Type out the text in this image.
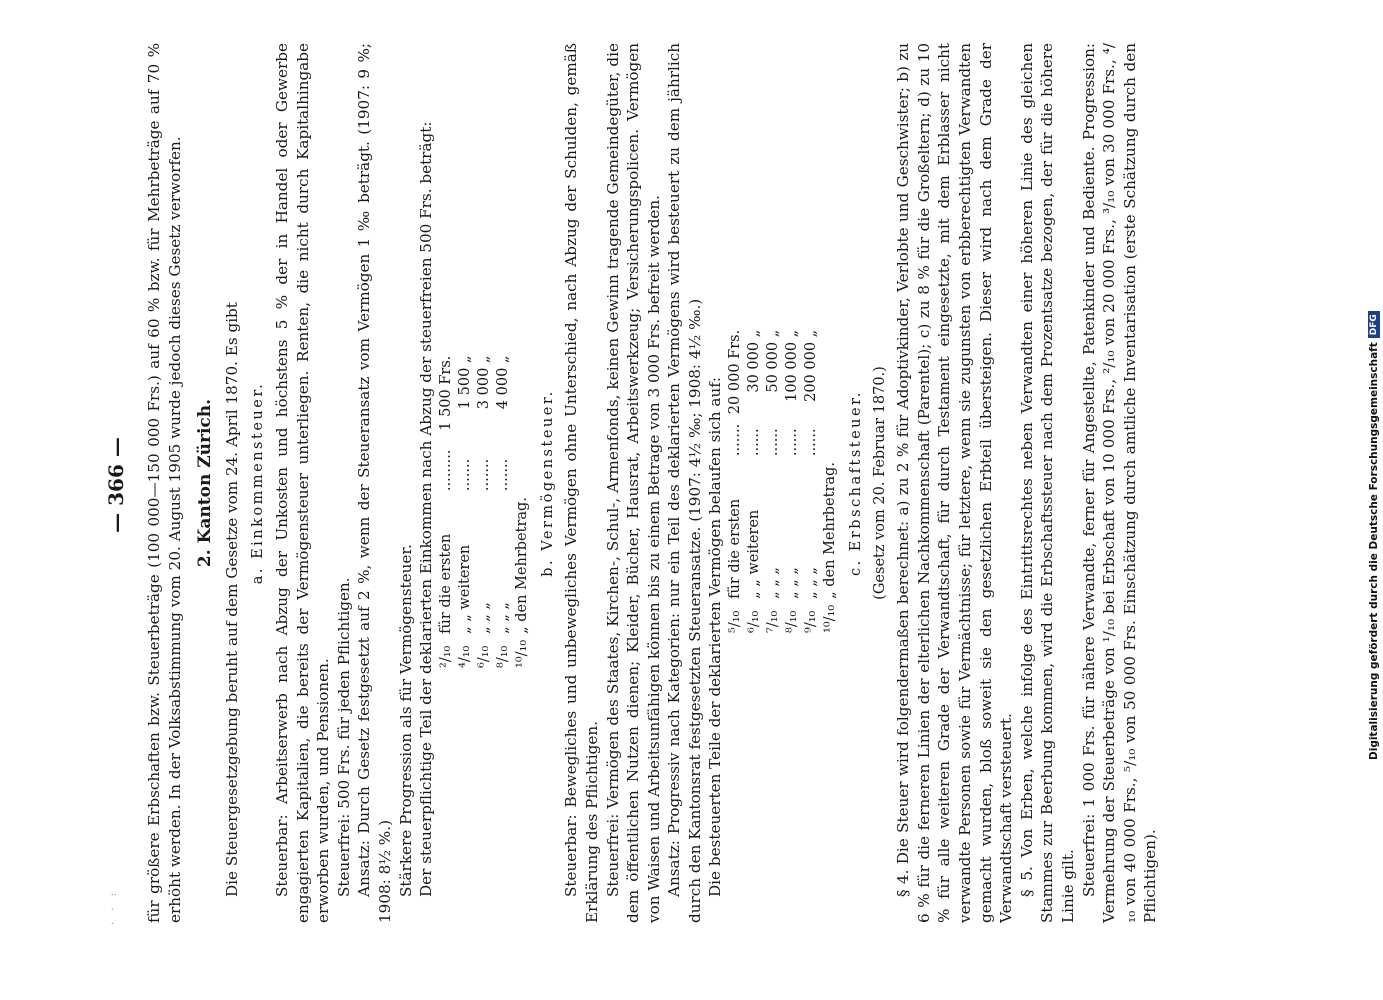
· · :
— 366 — für größere Erbschaften bzw. Steuerbeträge (100 000—150 000 Frs.) auf 60 % bzw. für Mehrbeträge auf 70 % erhöht werden. In der Volksabstimmung vom 20. August 1905 wurde jedoch dieses Gesetz verworfen. 2. Kanton Zürich. Die Steuergesetzgebung beruht auf dem Gesetze vom 24. April 1870. Es gibt a. Einkommensteuer. Steuerbar: Arbeitserwerb nach Abzug der Unkosten und höchstens 5 % der in Handel oder Gewerbe engagierten Kapitalien, die bereits der Vermögensteuer unterliegen. Renten, die nicht durch Kapitalhingabe erworben wurden, und Pensionen. Steuerfrei: 500 Frs. für jeden Pflichtigen. Ansatz: Durch Gesetz festgesetzt auf 2 %, wenn der Steueransatz vom Vermögen 1 ‰ beträgt. (1907: 9 %; 1908: 8½ %.) Stärkere Progression als für Vermögensteuer. Der steuerpflichtige Teil der deklarierten Einkommen nach Abzug der steuerfreien 500 Frs. beträgt: ²/₁₀	für die ersten	.........	1 500 Frs.
⁴/₁₀	„ „ weiteren	.......	1 500 „
⁶/₁₀	„ „ „	.......	3 000 „
⁸/₁₀	„ „ „	.......	4 000 „
¹⁰/₁₀	„ den Mehrbetrag.		b. Vermögensteuer. Steuerbar: Bewegliches und unbewegliches Vermögen ohne Unterschied, nach Abzug der Schulden, gemäß Erklärung des Pflichtigen. Steuerfrei: Vermögen des Staates, Kirchen-, Schul-, Armenfonds, keinen Gewinn tragende Gemeindegüter, die dem öffentlichen Nutzen dienen; Kleider, Bücher, Hausrat, Arbeitswerkzeug; Versicherungspolicen. Vermögen von Waisen und Arbeitsunfähigen können bis zu einem Betrage von 3 000 Frs. befreit werden. Ansatz: Progressiv nach Kategorien: nur ein Teil des deklarierten Vermögens wird besteuert zu dem jährlich durch den Kantonsrat festgesetzten Steueransatze. (1907: 4½ ‰; 1908: 4½ ‰.) Die besteuerten Teile der deklarierten Vermögen belaufen sich auf: ⁵/₁₀	für die ersten	.......	20 000 Frs.
⁶/₁₀	„ „ weiteren	......	30 000 „
⁷/₁₀	„ „ „	......	50 000 „
⁸/₁₀	„ „ „	......	100 000 „
⁹/₁₀	„ „ „	......	200 000 „
¹⁰/₁₀	„ den Mehrbetrag.		c. Erbschaftsteuer. (Gesetz vom 20. Februar 1870.) § 4. Die Steuer wird folgendermaßen berechnet: a) zu 2 % für Adoptivkinder, Verlobte und Geschwister; b) zu 6 % für die ferneren Linien der elterlichen Nachkommenschaft (Parentel); c) zu 8 % für die Großeltern; d) zu 10 % für alle weiteren Grade der Verwandtschaft, für durch Testament eingesetzte, mit dem Erblasser nicht verwandte Personen sowie für Vermächtnisse; für letztere, wenn sie zugunsten von erbberechtigten Verwandten gemacht wurden, bloß soweit sie den gesetzlichen Erbteil übersteigen. Dieser wird nach dem Grade der Verwandtschaft versteuert. § 5. Von Erben, welche infolge des Eintrittsrechtes neben Verwandten einer höheren Linie des gleichen Stammes zur Beerbung kommen, wird die Erbschaftssteuer nach dem Prozentsatze bezogen, der für die höhere Linie gilt. Steuerfrei: 1 000 Frs. für nähere Verwandte, ferner für Angestellte, Patenkinder und Bediente. Progression: Vermehrung der Steuerbeträge von ¹/₁₀ bei Erbschaft von 10 000 Frs., ²/₁₀ von 20 000 Frs., ³/₁₀ von 30 000 Frs., ⁴/₁₀ von 40 000 Frs., ⁵/₁₀ von 50 000 Frs. Einschätzung durch amtliche Inventarisation (erste Schätzung durch den Pflichtigen).

Digitalisierung gefördert durch die Deutsche Forschungsgemeinschaft
DFG
